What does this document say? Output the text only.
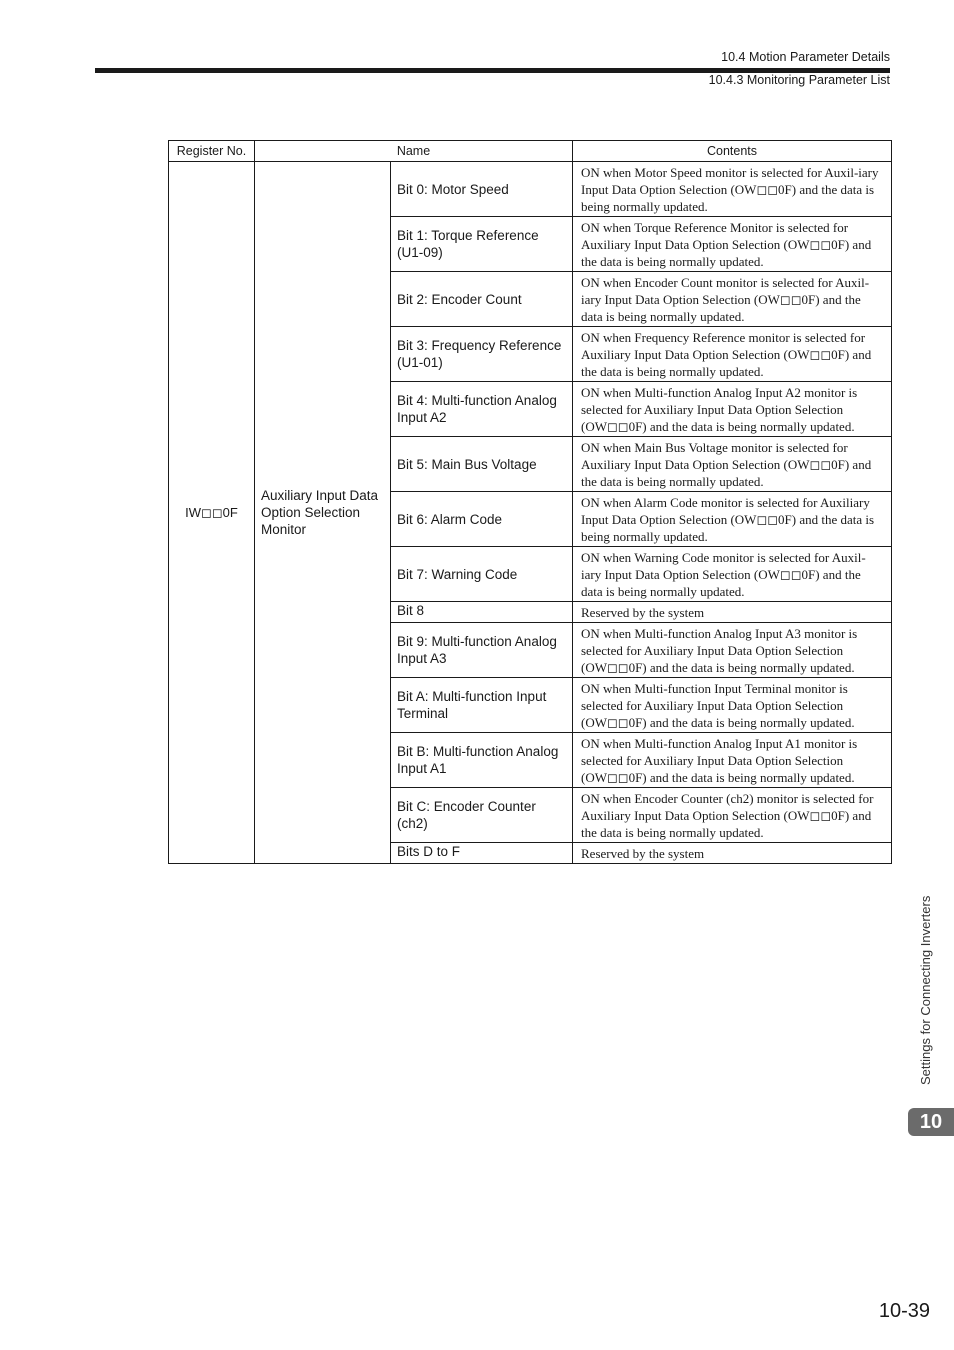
10.4 Motion Parameter Details
10.4.3 Monitoring Parameter List
Register No.	Name		Contents
IW◻◻0F	Auxiliary Input Data Option Selection Monitor	Bit 0: Motor Speed	ON when Motor Speed monitor is selected for Auxil-iary Input Data Option Selection (OW◻◻0F) and the data is being normally updated.
		Bit 1: Torque Reference (U1-09)	ON when Torque Reference Monitor is selected for Auxiliary Input Data Option Selection (OW◻◻0F) and the data is being normally updated.
		Bit 2: Encoder Count	ON when Encoder Count monitor is selected for Auxil-iary Input Data Option Selection (OW◻◻0F) and the data is being normally updated.
		Bit 3: Frequency Reference (U1-01)	ON when Frequency Reference monitor is selected for Auxiliary Input Data Option Selection (OW◻◻0F) and the data is being normally updated.
		Bit 4: Multi-function Analog Input A2	ON when Multi-function Analog Input A2 monitor is selected for Auxiliary Input Data Option Selection (OW◻◻0F) and the data is being normally updated.
		Bit 5: Main Bus Voltage	ON when Main Bus Voltage monitor is selected for Auxiliary Input Data Option Selection (OW◻◻0F) and the data is being normally updated.
		Bit 6: Alarm Code	ON when Alarm Code monitor is selected for Auxiliary Input Data Option Selection (OW◻◻0F) and the data is being normally updated.
		Bit 7: Warning Code	ON when Warning Code monitor is selected for Auxil-iary Input Data Option Selection (OW◻◻0F) and the data is being normally updated.
		Bit 8	Reserved by the system
		Bit 9: Multi-function Analog Input A3	ON when Multi-function Analog Input A3 monitor is selected for Auxiliary Input Data Option Selection (OW◻◻0F) and the data is being normally updated.
		Bit A: Multi-function Input Terminal	ON when Multi-function Input Terminal monitor is selected for Auxiliary Input Data Option Selection (OW◻◻0F) and the data is being normally updated.
		Bit B: Multi-function Analog Input A1	ON when Multi-function Analog Input A1 monitor is selected for Auxiliary Input Data Option Selection (OW◻◻0F) and the data is being normally updated.
		Bit C: Encoder Counter (ch2)	ON when Encoder Counter (ch2) monitor is selected for Auxiliary Input Data Option Selection (OW◻◻0F) and the data is being normally updated.
		Bits D to F	Reserved by the system
Settings for Connecting Inverters
10
10-39
